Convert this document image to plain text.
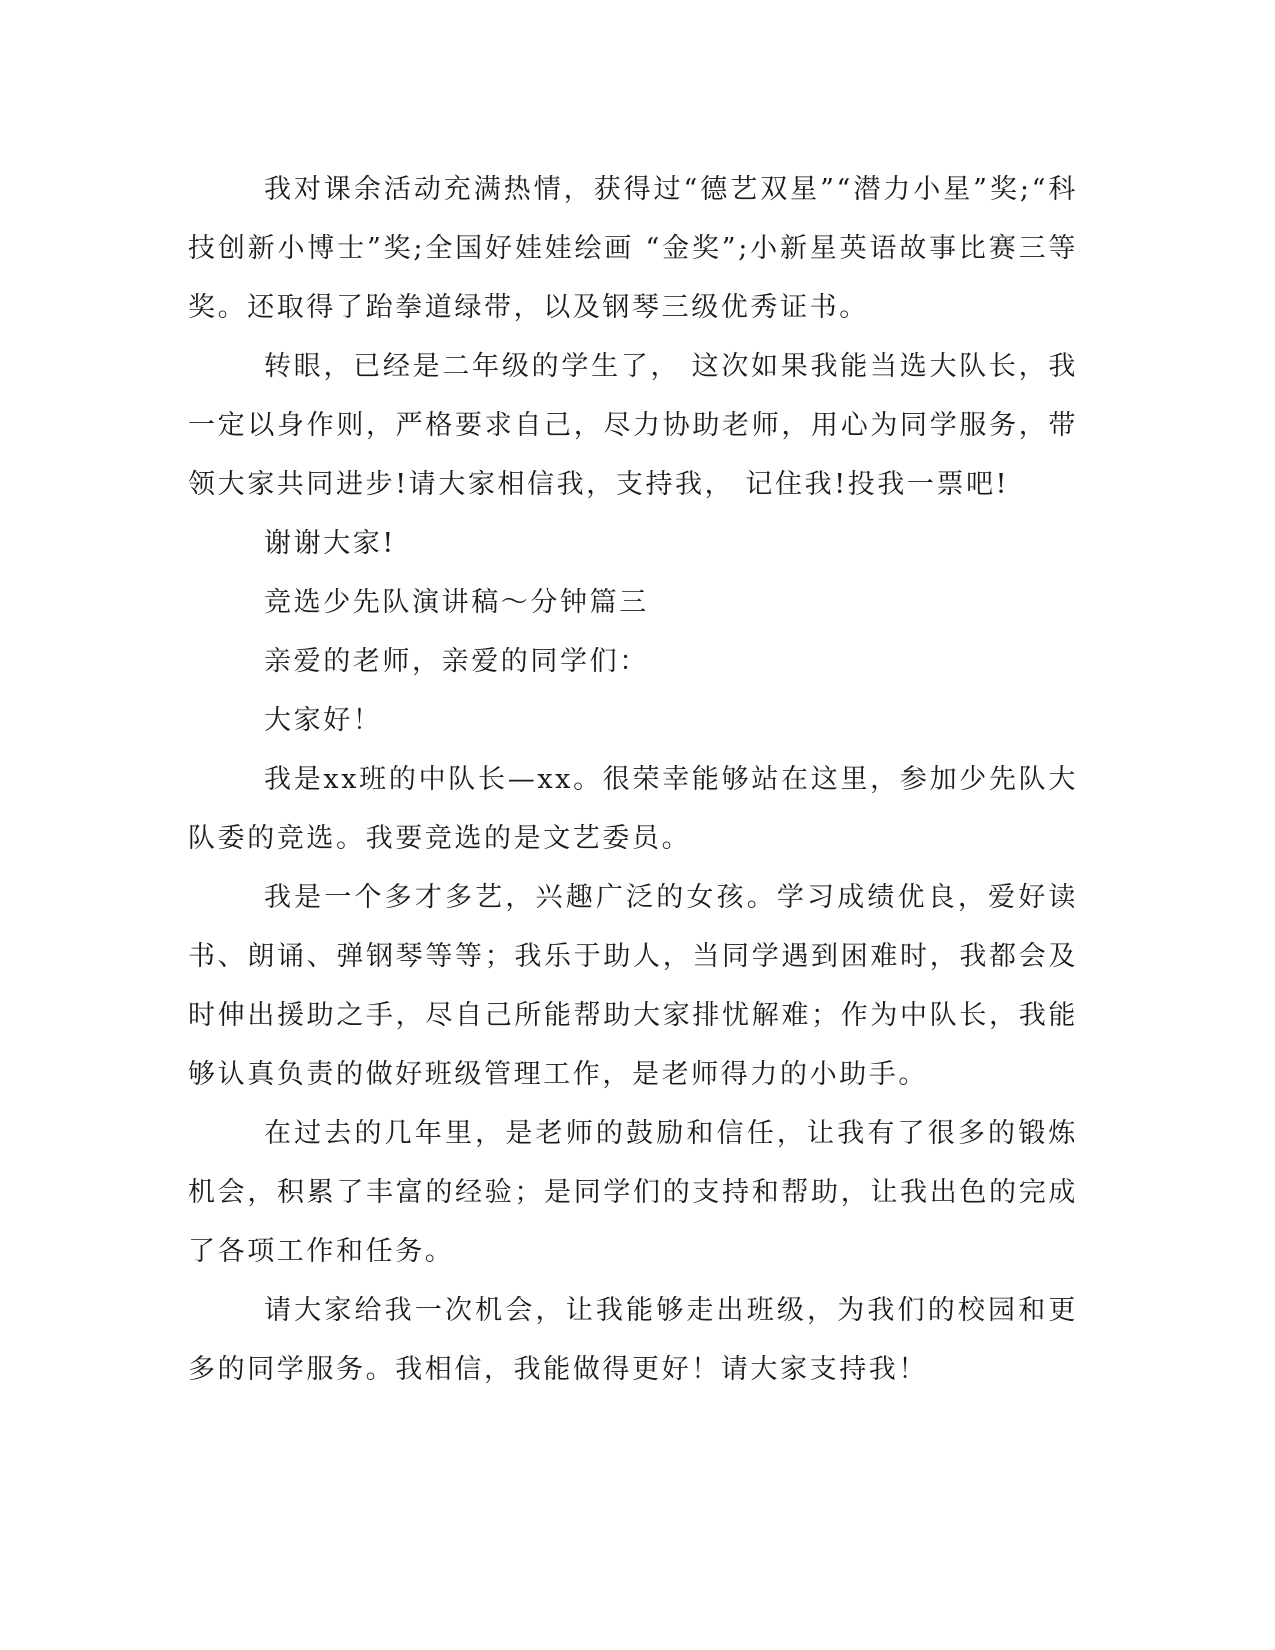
我对课余活动充满热情，获得过“德艺双星”“潜力小星”奖;“科技创新小博士”奖;全国好娃娃绘画 “金奖”;小新星英语故事比赛三等奖。还取得了跆拳道绿带，以及钢琴三级优秀证书。

转眼，已经是二年级的学生了， 这次如果我能当选大队长，我一定以身作则，严格要求自己，尽力协助老师，用心为同学服务，带领大家共同进步!请大家相信我，支持我， 记住我!投我一票吧!

谢谢大家!

竞选少先队演讲稿～分钟篇三

亲爱的老师，亲爱的同学们：

大家好！

我是xx班的中队长—xx。很荣幸能够站在这里，参加少先队大队委的竞选。我要竞选的是文艺委员。

我是一个多才多艺，兴趣广泛的女孩。学习成绩优良，爱好读书、朗诵、弹钢琴等等；我乐于助人，当同学遇到困难时，我都会及时伸出援助之手，尽自己所能帮助大家排忧解难；作为中队长，我能够认真负责的做好班级管理工作，是老师得力的小助手。

在过去的几年里，是老师的鼓励和信任，让我有了很多的锻炼机会，积累了丰富的经验；是同学们的支持和帮助，让我出色的完成了各项工作和任务。

请大家给我一次机会，让我能够走出班级，为我们的校园和更多的同学服务。我相信，我能做得更好！请大家支持我！
